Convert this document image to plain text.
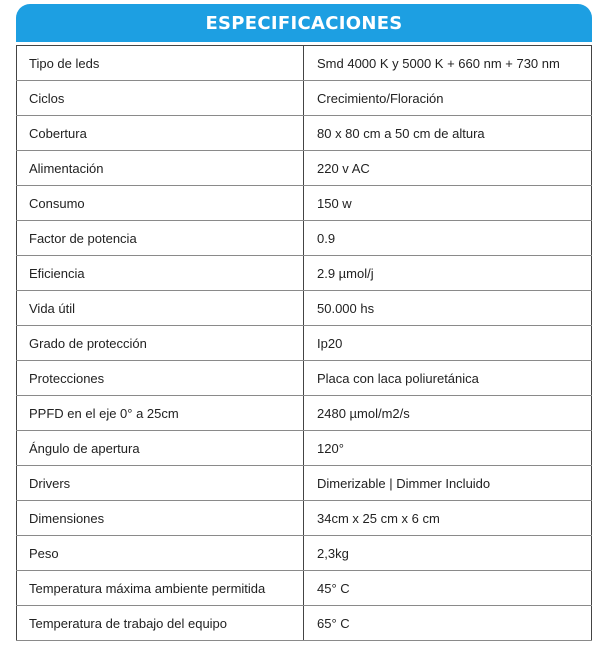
ESPECIFICACIONES
Tipo de leds	Smd 4000 K y 5000 K + 660 nm + 730 nm
Ciclos	Crecimiento/Floración
Cobertura	80 x 80 cm a 50 cm de altura
Alimentación	220 v AC
Consumo	150 w
Factor de potencia	0.9
Eficiencia	2.9 µmol/j
Vida útil	50.000 hs
Grado de protección	Ip20
Protecciones	Placa con laca poliuretánica
PPFD en el eje 0° a 25cm	2480 µmol/m2/s
Ángulo de apertura	120°
Drivers	Dimerizable | Dimmer Incluido
Dimensiones	34cm x 25 cm x 6 cm
Peso	2,3kg
Temperatura máxima ambiente permitida	45° C
Temperatura de trabajo del equipo	65° C
